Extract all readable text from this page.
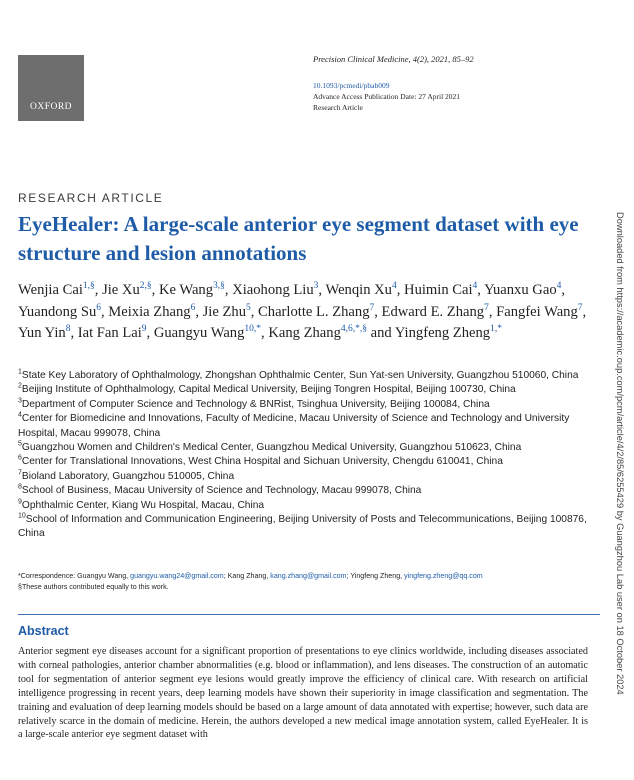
OXFORD
Precision Clinical Medicine, 4(2), 2021, 85–92
10.1093/pcmedi/pbab009
Advance Access Publication Date: 27 April 2021
Research Article
RESEARCH ARTICLE
EyeHealer: A large-scale anterior eye segment dataset with eye structure and lesion annotations
Wenjia Cai$^{1,\S}$, Jie $Xu^{2,\S}$, Ke Wang$^{3,\S}$, Xiaohong Liu$^3$, Wenqin Xu$^4$, Huimin Cai$^4$, Yuanxu Gao$^4$, Yuandong Su$^6$, Meixia Zhang$^6$, Jie Zhu$^5$, Charlotte L. Zhang$^7$, Edward E. Zhang$^7$, Fangfei Wang$^7$, Yun Yin$^8$, Iat Fan Lai$^9$, Guangyu Wang$^{10,*}$, Kang Zhang$^{4,6,*,\S}$ and Yingfeng Zheng$^{1,*}$
$^1$State Key Laboratory of Ophthalmology, Zhongshan Ophthalmic Center, Sun Yat-sen University, Guangzhou 510060, China
$^2$Beijing Institute of Ophthalmology, Capital Medical University, Beijing Tongren Hospital, Beijing 100730, China
$^3$Department of Computer Science and Technology & BNRist, Tsinghua University, Beijing 100084, China
$^4$Center for Biomedicine and Innovations, Faculty of Medicine, Macau University of Science and Technology and University Hospital, Macau 999078, China
$^5$Guangzhou Women and Children's Medical Center, Guangzhou Medical University, Guangzhou 510623, China
$^6$Center for Translational Innovations, West China Hospital and Sichuan University, Chengdu 610041, China
$^7$Bioland Laboratory, Guangzhou 510005, China
$^8$School of Business, Macau University of Science and Technology, Macau 999078, China
$^9$Ophthalmic Center, Kiang Wu Hospital, Macau, China
$^{10}$School of Information and Communication Engineering, Beijing University of Posts and Telecommunications, Beijing 100876, China
*Correspondence: Guangyu Wang, guangyu.wang24@gmail.com; Kang Zhang, kang.zhang@gmail.com; Yingfeng Zheng, yingfeng.zheng@qq.com
§These authors contributed equally to this work.
Abstract

Anterior segment eye diseases account for a significant proportion of presentations to eye clinics worldwide, including diseases associated with corneal pathologies, anterior chamber abnormalities (e.g. blood or inflammation), and lens diseases. The construction of an automatic tool for segmentation of anterior segment eye lesions would greatly improve the efficiency of clinical care. With research on artificial intelligence progressing in recent years, deep learning models have shown their superiority in image classification and segmentation. The training and evaluation of deep learning models should be based on a large amount of data annotated with expertise; however, such data are relatively scarce in the domain of medicine. Herein, the authors developed a new medical image annotation system, called EyeHealer. It is a large-scale anterior eye segment dataset with

Downloaded from https://academic.oup.com/pcm/article/4/2/85/6255429 by Guangzhou Lab user on 18 October 2024
